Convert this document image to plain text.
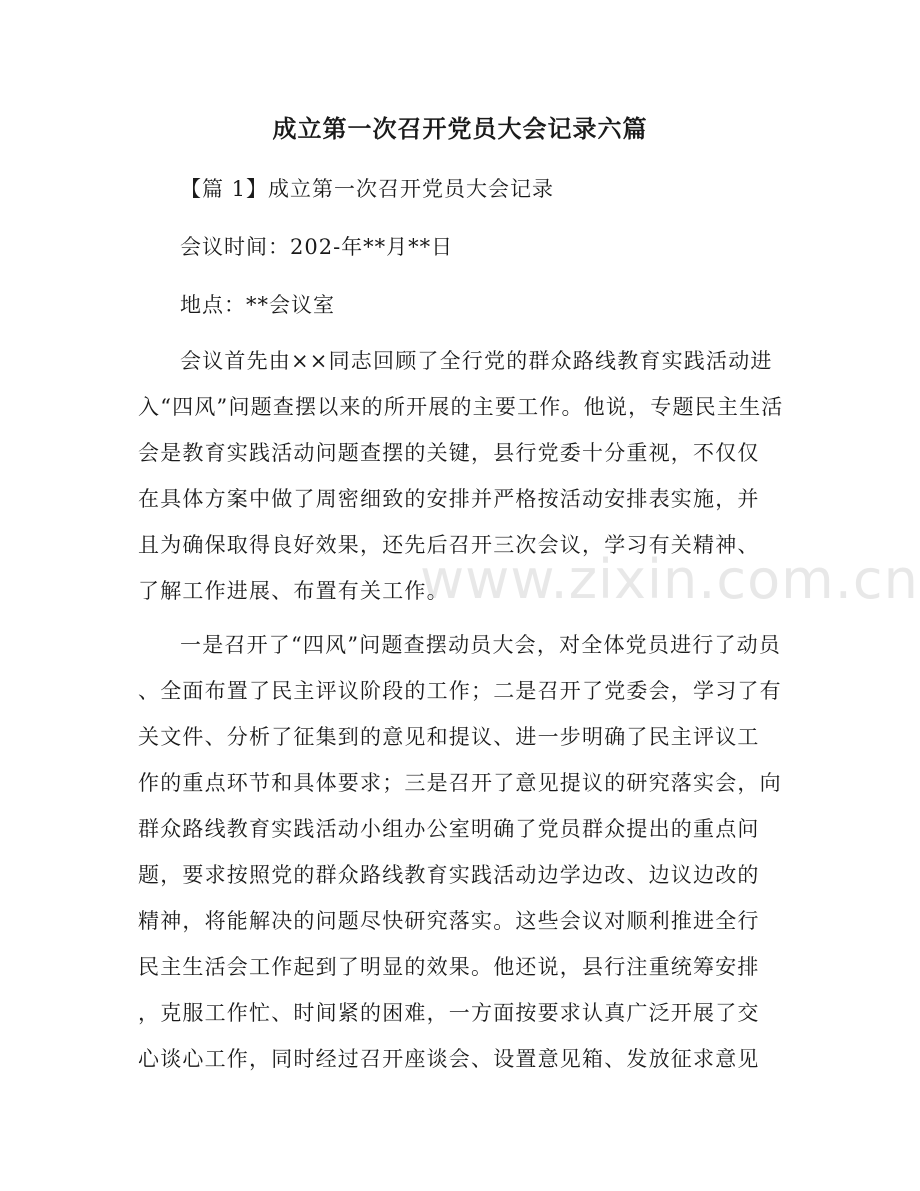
成立第一次召开党员大会记录六篇
【篇 1】成立第一次召开党员大会记录
会议时间：202-年**月**日
地点：**会议室
会议首先由××同志回顾了全行党的群众路线教育实践活动进
入“四风”问题查摆以来的所开展的主要工作。他说，专题民主生活
会是教育实践活动问题查摆的关键，县行党委十分重视，不仅仅
在具体方案中做了周密细致的安排并严格按活动安排表实施，并
且为确保取得良好效果，还先后召开三次会议，学习有关精神、
了解工作进展、布置有关工作。
一是召开了“四风”问题查摆动员大会，对全体党员进行了动员
、全面布置了民主评议阶段的工作；二是召开了党委会，学习了有
关文件、分析了征集到的意见和提议、进一步明确了民主评议工
作的重点环节和具体要求；三是召开了意见提议的研究落实会，向
群众路线教育实践活动小组办公室明确了党员群众提出的重点问
题，要求按照党的群众路线教育实践活动边学边改、边议边改的
精神，将能解决的问题尽快研究落实。这些会议对顺利推进全行
民主生活会工作起到了明显的效果。他还说，县行注重统筹安排
，克服工作忙、时间紧的困难，一方面按要求认真广泛开展了交
心谈心工作，同时经过召开座谈会、设置意见箱、发放征求意见
www.zixin.com.cn
